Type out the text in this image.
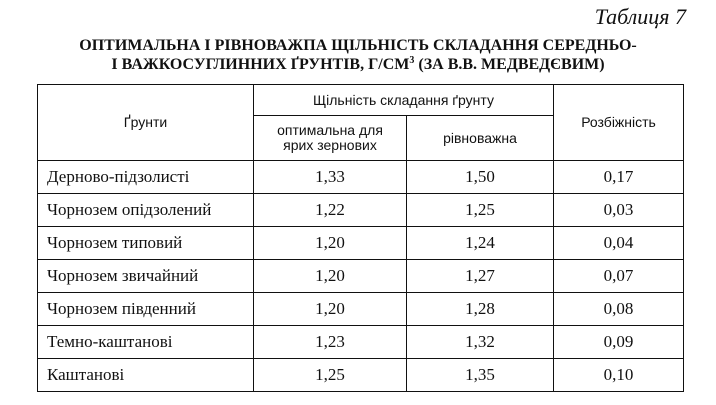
Таблиця 7
ОПТИМАЛЬНА І РІВНОВАЖПА ЩІЛЬНІСТЬ СКЛАДАННЯ СЕРЕДНЬО-
І ВАЖКОСУГЛИННИХ ҐРУНТІВ, $Г/СМ^3$ (ЗА В.В. МЕДВЕДЄВИМ)
Ґрунти	Щільність складання ґрунту		Розбіжність
	оптимальна для ярих зернових	рівноважна	
Дерново-підзолисті	1,33	1,50	0,17
Чорнозем опідзолений	1,22	1,25	0,03
Чорнозем типовий	1,20	1,24	0,04
Чорнозем звичайний	1,20	1,27	0,07
Чорнозем південний	1,20	1,28	0,08
Темно-каштанові	1,23	1,32	0,09
Каштанові	1,25	1,35	0,10
